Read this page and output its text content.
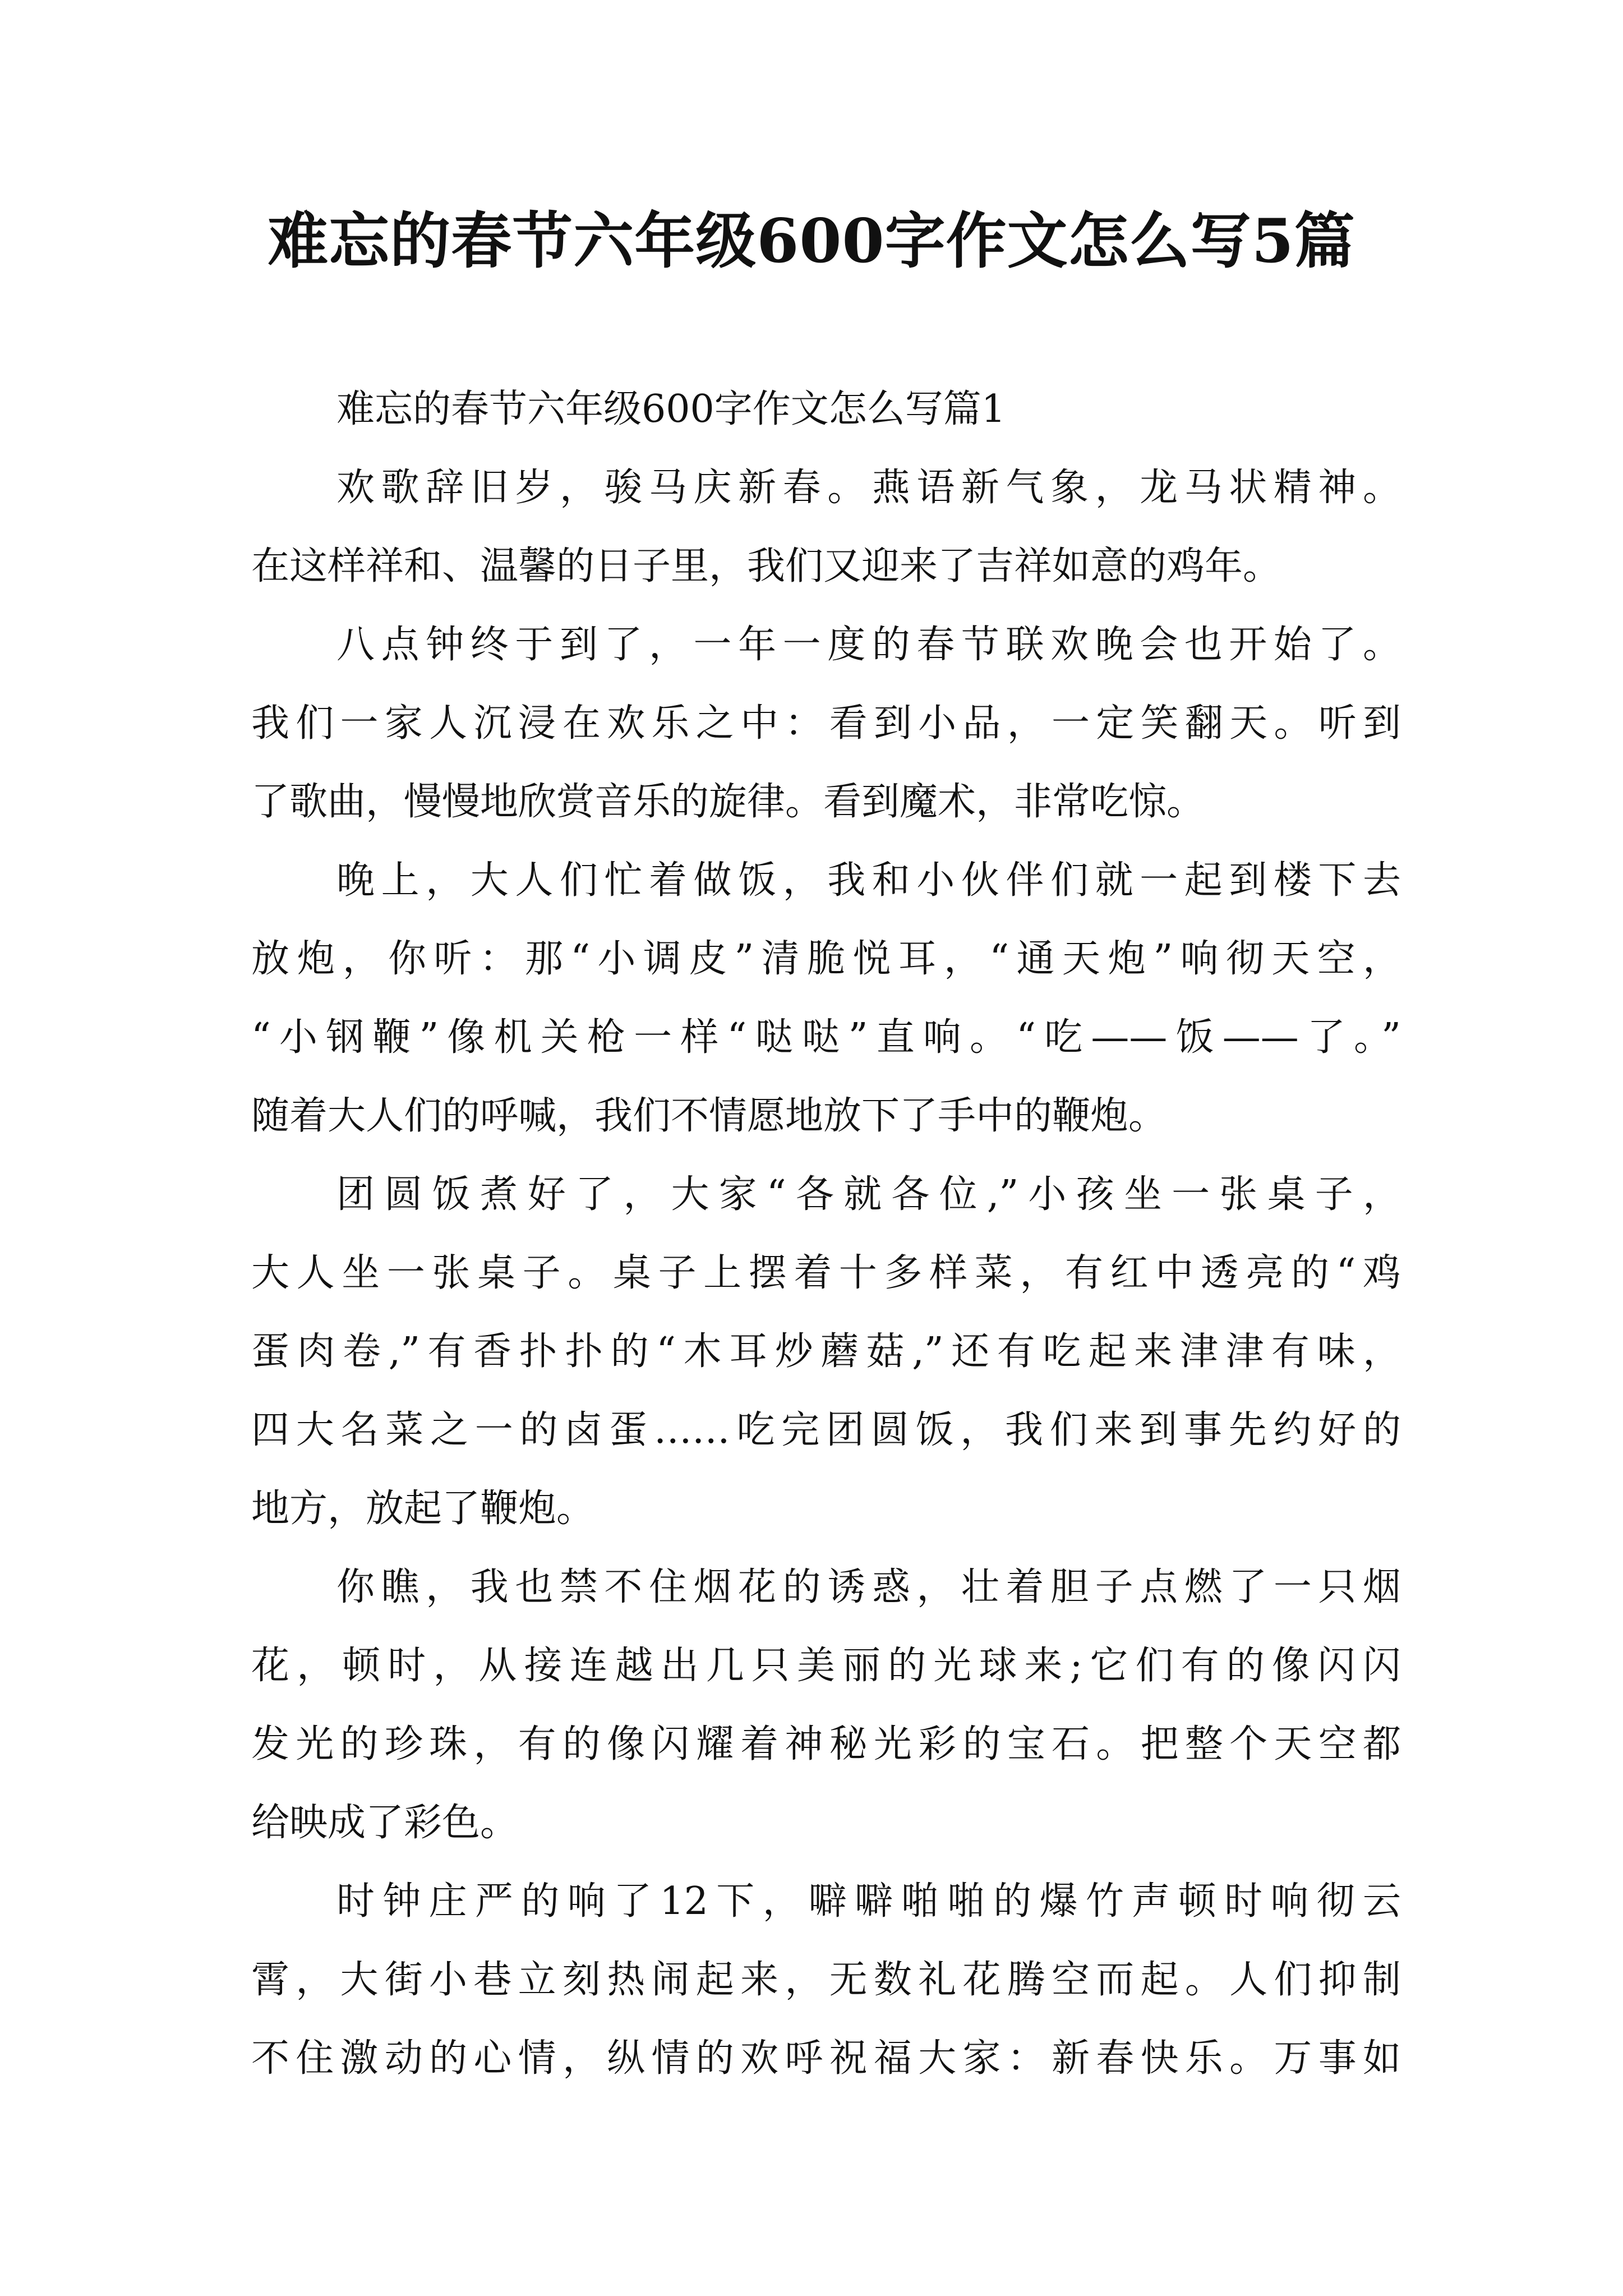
难忘的春节六年级600字作文怎么写5篇
难忘的春节六年级600字作文怎么写篇1
欢歌辞旧岁，骏马庆新春。燕语新气象，龙马状精神。
在这样祥和、温馨的日子里，我们又迎来了吉祥如意的鸡年。
八点钟终于到了，一年一度的春节联欢晚会也开始了。
我们一家人沉浸在欢乐之中：看到小品，一定笑翻天。听到
了歌曲，慢慢地欣赏音乐的旋律。看到魔术，非常吃惊。
晚上，大人们忙着做饭，我和小伙伴们就一起到楼下去
放炮，你听：那“小调皮”清脆悦耳，“通天炮”响彻天空，
“小钢鞭”像机关枪一样“哒哒”直响。“吃——饭——了。”
随着大人们的呼喊，我们不情愿地放下了手中的鞭炮。
团圆饭煮好了，大家“各就各位,”小孩坐一张桌子，
大人坐一张桌子。桌子上摆着十多样菜，有红中透亮的“鸡
蛋肉卷,”有香扑扑的“木耳炒蘑菇,”还有吃起来津津有味，
四大名菜之一的卤蛋……吃完团圆饭，我们来到事先约好的
地方，放起了鞭炮。
你瞧，我也禁不住烟花的诱惑，壮着胆子点燃了一只烟
花，顿时，从接连越出几只美丽的光球来;它们有的像闪闪
发光的珍珠，有的像闪耀着神秘光彩的宝石。把整个天空都
给映成了彩色。
时钟庄严的响了12下，噼噼啪啪的爆竹声顿时响彻云
霄，大街小巷立刻热闹起来，无数礼花腾空而起。人们抑制
不住激动的心情，纵情的欢呼祝福大家：新春快乐。万事如
